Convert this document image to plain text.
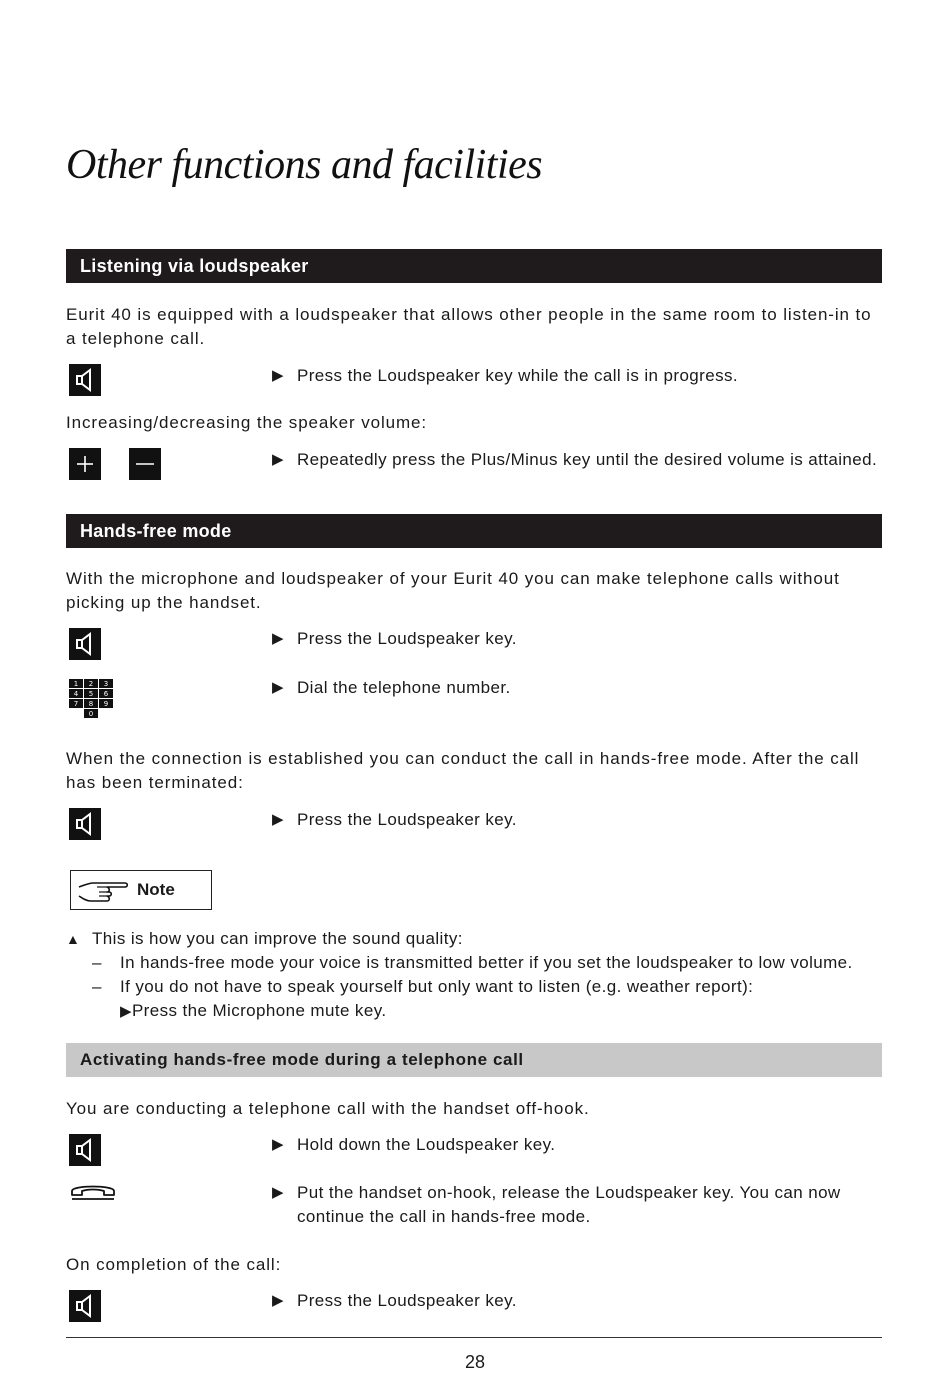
Other functions and facilities
Listening via loudspeaker
Eurit 40 is equipped with a loudspeaker that allows other people in the same room to listen-in to a telephone call.
▶ Press the Loudspeaker key while the call is in progress.
Increasing/decreasing the speaker volume:
▶ Repeatedly press the Plus/Minus key until the desired volume is attained.
Hands-free mode
With the microphone and loudspeaker of your Eurit 40 you can make telephone calls without picking up the handset.
▶ Press the Loudspeaker key.
1 2 3
4 5 6
7 8 9
0
▶ Dial the telephone number.
When the connection is established you can conduct the call in hands-free mode. After the call has been terminated:
▶ Press the Loudspeaker key.
Note
▲ This is how you can improve the sound quality:
– In hands-free mode your voice is transmitted better if you set the loudspeaker to low volume.
– If you do not have to speak yourself but only want to listen (e.g. weather report):
▶Press the Microphone mute key.
Activating hands-free mode during a telephone call
You are conducting a telephone call with the handset off-hook.
▶ Hold down the Loudspeaker key.
▶ Put the handset on-hook, release the Loudspeaker key. You can now continue the call in hands-free mode.
On completion of the call:
▶ Press the Loudspeaker key.
28
